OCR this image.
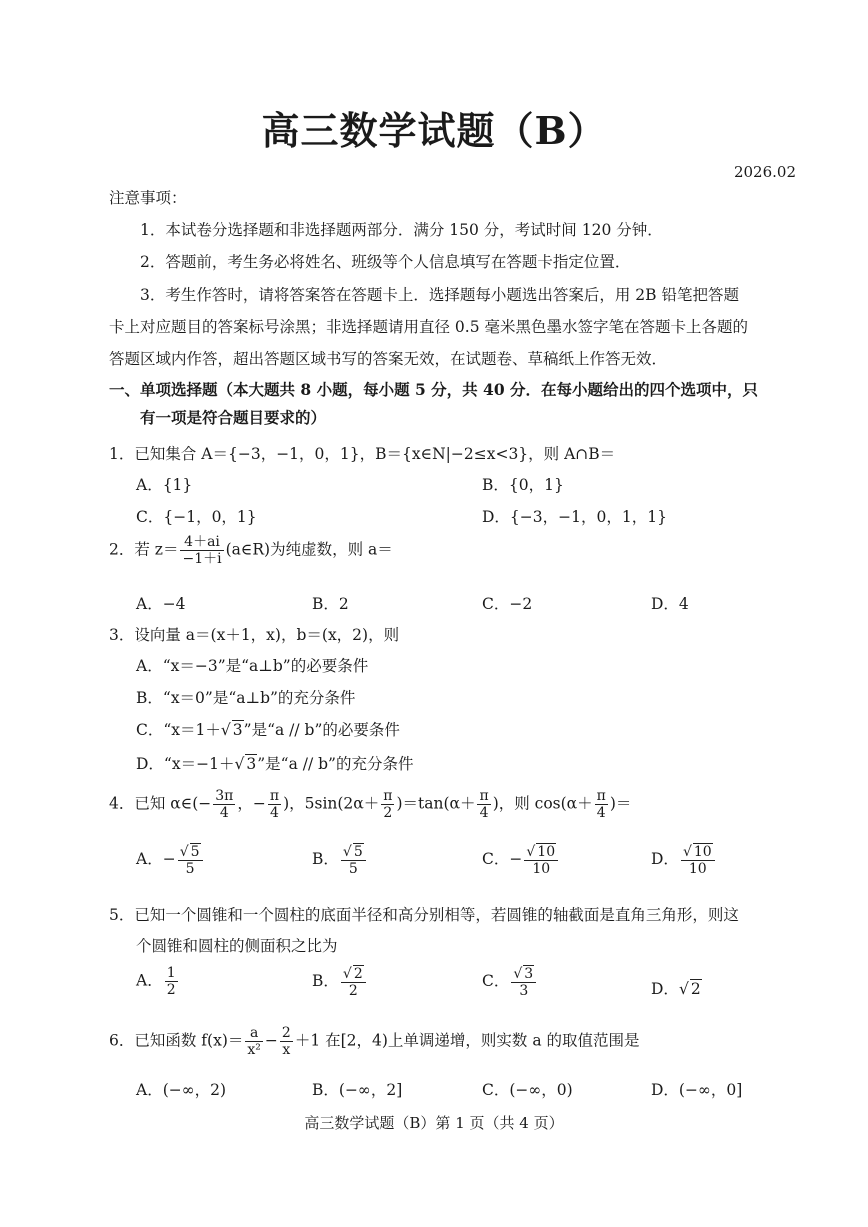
高三数学试题（B）
2026.02
注意事项：
1．本试卷分选择题和非选择题两部分．满分 150 分，考试时间 120 分钟．
2．答题前，考生务必将姓名、班级等个人信息填写在答题卡指定位置．
3．考生作答时，请将答案答在答题卡上．选择题每小题选出答案后，用 2B 铅笔把答题
卡上对应题目的答案标号涂黑；非选择题请用直径 0.5 毫米黑色墨水签字笔在答题卡上各题的
答题区域内作答，超出答题区域书写的答案无效，在试题卷、草稿纸上作答无效．
一、单项选择题（本大题共 8 小题，每小题 5 分，共 40 分．在每小题给出的四个选项中，只
有一项是符合题目要求的）
1．已知集合 A＝{−3，−1，0，1}，B＝{x∈N|−2≤x<3}，则 A∩B＝
A．{1}	B．{0，1}
C．{−1，0，1}	D．{−3，−1，0，1，1}
2．若 $z= \frac{4+ai}{-1+i}$ (a∈R)为纯虚数，则 a＝
A．−4	B．2	C．−2	D．4
3．设向量 a＝(x＋1，x)，b＝(x，2)，则
A．“x＝−3”是“a⊥b”的必要条件
B．“x＝0”是“a⊥b”的充分条件
C．“x＝1＋√ 3”是“a // b”的必要条件
D．“x＝−1＋√ 3”是“a // b”的充分条件
4．已知 α∈(− $\frac{3\pi}{4}$ ，− $\frac{\pi}{4}$ )，$5\sin(2\alpha+ \frac{\pi}{2} )=\tan(\alpha+ \frac{\pi}{4}$ )，则 $\cos(\alpha+ \frac{\pi}{4}$ )＝
A．− $\frac{√ 5}{5}$	B． $\frac{√ 5}{5}$	C．− $\frac{√ 10}{10}$	D． $\frac{√ 10}{10}$
5．已知一个圆锥和一个圆柱的底面半径和高分别相等，若圆锥的轴截面是直角三角形，则这
个圆锥和圆柱的侧面积之比为
A． $\frac{1}{2}$	B． $\frac{√ 2}{2}$	C． $\frac{√ 3}{3}$	D．√ 2
6．已知函数 $f(x)= \frac{a}{\text{x²}} - \frac{2}{x} +1$ 在[2，4)上单调递增，则实数 a 的取值范围是
A．(−∞，2)	B．(−∞，2]	C．(−∞，0)	D．(−∞，0]
高三数学试题（B）第 1 页（共 4 页）
